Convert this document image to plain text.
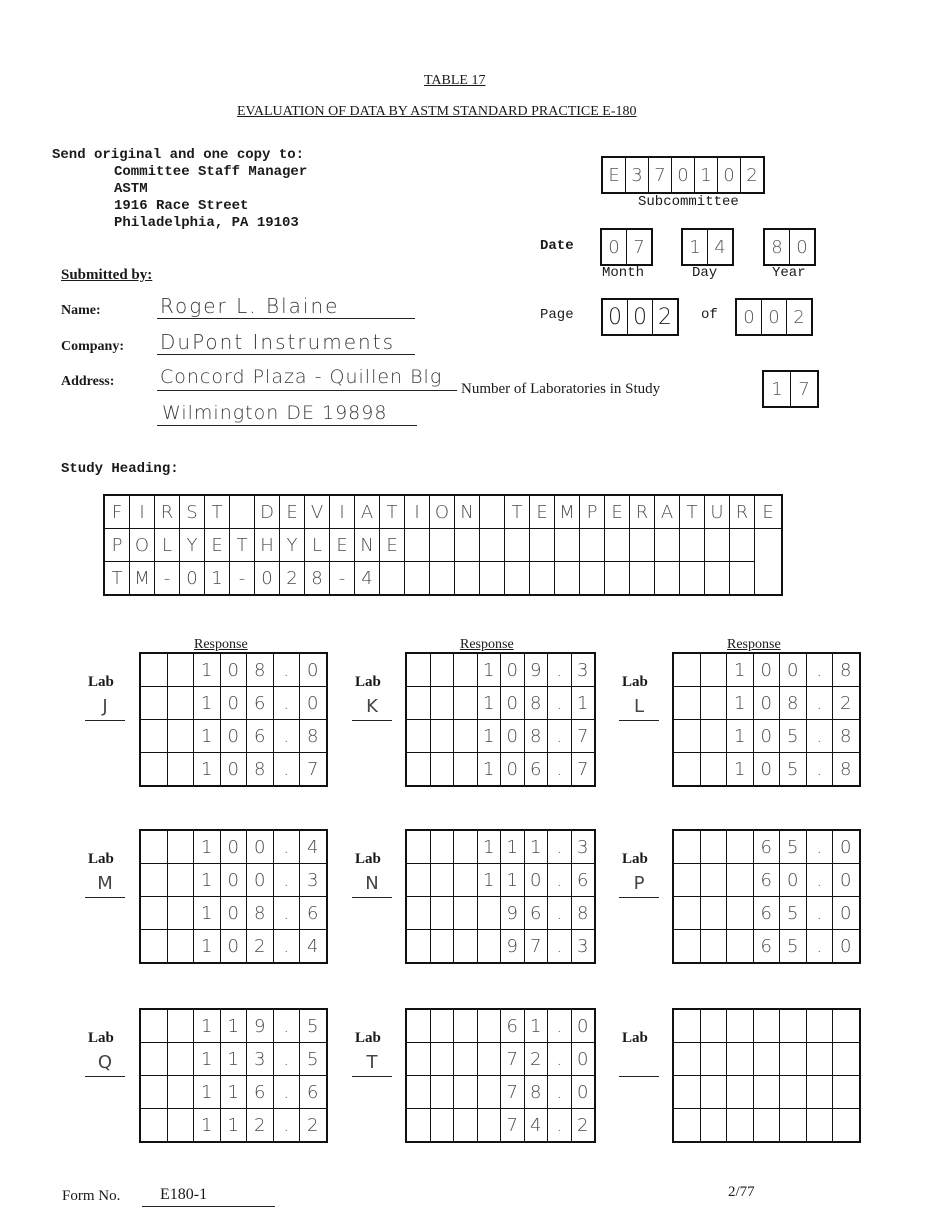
TABLE 17
EVALUATION OF DATA BY ASTM STANDARD PRACTICE E-180
Send original and one copy to:
Committee Staff Manager
ASTM
1916 Race Street
Philadelphia, PA 19103
E 3 7 0 1 0 2
Subcommittee
Date	0 7	1 4	8 0
Month	Day	Year
Page 0 0 2	of	0 0 2
Number of Laboratories in Study	1 7
Submitted by:
Name:	Roger L. Blaine
Company: DuPont Instruments
Address: Concord Plaza - Quillen Blg
Wilmington DE 19898
Study Heading:
F	I	R	S	T		D	E	V	I	A	T	I	O	N		T	E	M	P	E	R	A	T	U	R	E
P	O	L	Y	E	T	H	Y	L	E	N	E															
T	M	-	0	1	-	0	2	8	-	4																
Response
Lab
J
		1	0	8	.	0
		1	0	6	.	0
		1	0	6	.	8
		1	0	8	.	7
Response
Lab
K
			1	0	9	.	3
			1	0	8	.	1
			1	0	8	.	7
			1	0	6	.	7
Response
Lab
L
		1	0	0	.	8
		1	0	8	.	2
		1	0	5	.	8
		1	0	5	.	8
Lab
M
		1	0	0	.	4
		1	0	0	.	3
		1	0	8	.	6
		1	0	2	.	4
Lab
N
			1	1	1	.	3
			1	1	0	.	6
				9	6	.	8
				9	7	.	3
Lab
P
			6	5	.	0
			6	0	.	0
			6	5	.	0
			6	5	.	0
Lab
Q
		1	1	9	.	5
		1	1	3	.	5
		1	1	6	.	6
		1	1	2	.	2
Lab
T
				6	1	.	0
				7	2	.	0
				7	8	.	0
				7	4	.	2
Lab

Form No. E180-1	2/77
